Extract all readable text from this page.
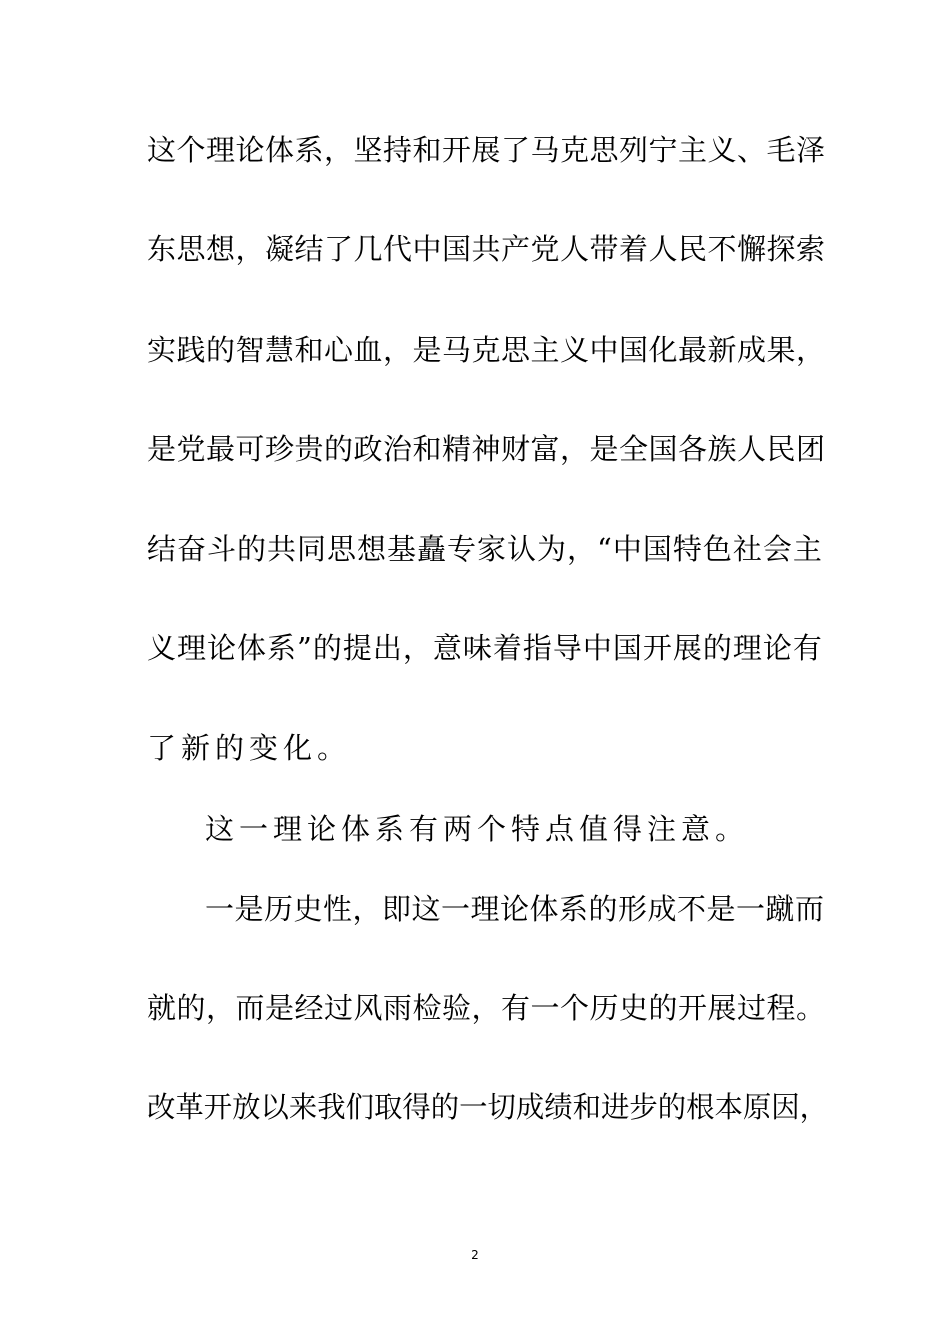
这个理论体系，坚持和开展了马克思列宁主义、毛泽
东思想，凝结了几代中国共产党人带着人民不懈探索
实践的智慧和心血，是马克思主义中国化最新成果，
是党最可珍贵的政治和精神财富，是全国各族人民团
结奋斗的共同思想基矗专家认为，“中国特色社会主
义理论体系”的提出，意味着指导中国开展的理论有
了新的变化。
这一理论体系有两个特点值得注意。
一是历史性，即这一理论体系的形成不是一蹴而
就的，而是经过风雨检验，有一个历史的开展过程。
改革开放以来我们取得的一切成绩和进步的根本原因，
2
